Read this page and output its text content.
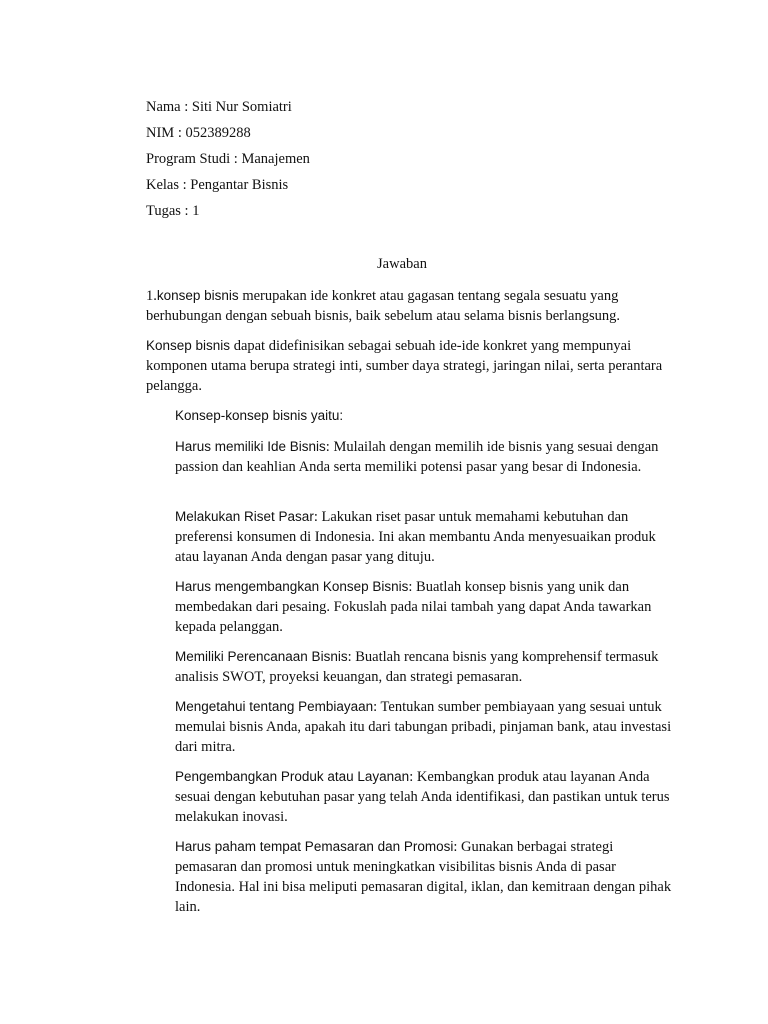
Nama : Siti Nur Somiatri
NIM : 052389288
Program Studi : Manajemen
Kelas : Pengantar Bisnis
Tugas : 1
Jawaban

1.konsep bisnis merupakan ide konkret atau gagasan tentang segala sesuatu yang berhubungan dengan sebuah bisnis, baik sebelum atau selama bisnis berlangsung.

Konsep bisnis dapat didefinisikan sebagai sebuah ide-ide konkret yang mempunyai komponen utama berupa strategi inti, sumber daya strategi, jaringan nilai, serta perantara pelangga.

Konsep-konsep bisnis yaitu:

Harus memiliki Ide Bisnis: Mulailah dengan memilih ide bisnis yang sesuai dengan passion dan keahlian Anda serta memiliki potensi pasar yang besar di Indonesia.

Melakukan Riset Pasar: Lakukan riset pasar untuk memahami kebutuhan dan preferensi konsumen di Indonesia. Ini akan membantu Anda menyesuaikan produk atau layanan Anda dengan pasar yang dituju.

Harus mengembangkan Konsep Bisnis: Buatlah konsep bisnis yang unik dan membedakan dari pesaing. Fokuslah pada nilai tambah yang dapat Anda tawarkan kepada pelanggan.

Memiliki Perencanaan Bisnis: Buatlah rencana bisnis yang komprehensif termasuk analisis SWOT, proyeksi keuangan, dan strategi pemasaran.

Mengetahui tentang Pembiayaan: Tentukan sumber pembiayaan yang sesuai untuk memulai bisnis Anda, apakah itu dari tabungan pribadi, pinjaman bank, atau investasi dari mitra.

Pengembangkan Produk atau Layanan: Kembangkan produk atau layanan Anda sesuai dengan kebutuhan pasar yang telah Anda identifikasi, dan pastikan untuk terus melakukan inovasi.

Harus paham tempat Pemasaran dan Promosi: Gunakan berbagai strategi pemasaran dan promosi untuk meningkatkan visibilitas bisnis Anda di pasar Indonesia. Hal ini bisa meliputi pemasaran digital, iklan, dan kemitraan dengan pihak lain.
